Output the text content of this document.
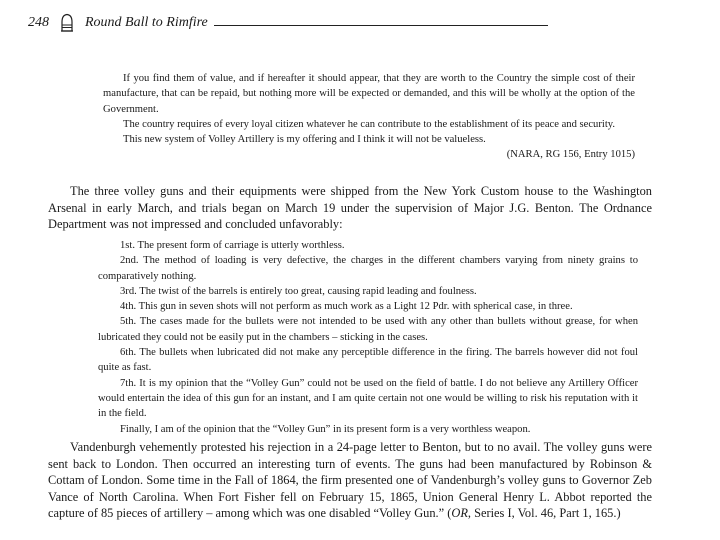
248	Round Ball to Rimfire

If you find them of value, and if hereafter it should appear, that they are worth to the Country the simple cost of their manufacture, that can be repaid, but nothing more will be expected or demanded, and this will be wholly at the option of the Government.

The country requires of every loyal citizen whatever he can contribute to the establishment of its peace and security.

This new system of Volley Artillery is my offering and I think it will not be valueless.

(NARA, RG 156, Entry 1015)

The three volley guns and their equipments were shipped from the New York Custom house to the Washington Arsenal in early March, and trials began on March 19 under the supervision of Major J.G. Benton. The Ordnance Department was not impressed and concluded unfavorably:

1st. The present form of carriage is utterly worthless.

2nd. The method of loading is very defective, the charges in the different chambers varying from ninety grains to comparatively nothing.

3rd. The twist of the barrels is entirely too great, causing rapid leading and foulness.

4th. This gun in seven shots will not perform as much work as a Light 12 Pdr. with spherical case, in three.

5th. The cases made for the bullets were not intended to be used with any other than bullets without grease, for when lubricated they could not be easily put in the chambers – sticking in the cases.

6th. The bullets when lubricated did not make any perceptible difference in the firing. The barrels however did not foul quite as fast.

7th. It is my opinion that the “Volley Gun” could not be used on the field of battle. I do not believe any Artillery Officer would entertain the idea of this gun for an instant, and I am quite certain not one would be willing to risk his reputation with it in the field.

Finally, I am of the opinion that the “Volley Gun” in its present form is a very worthless weapon.

Vandenburgh vehemently protested his rejection in a 24-page letter to Benton, but to no avail. The volley guns were sent back to London. Then occurred an interesting turn of events. The guns had been manufactured by Robinson & Cottam of London. Some time in the Fall of 1864, the firm presented one of Vandenburgh’s volley guns to Governor Zeb Vance of North Carolina. When Fort Fisher fell on February 15, 1865, Union General Henry L. Abbot reported the capture of 85 pieces of artillery – among which was one disabled “Volley Gun.” (OR, Series I, Vol. 46, Part 1, 165.)
